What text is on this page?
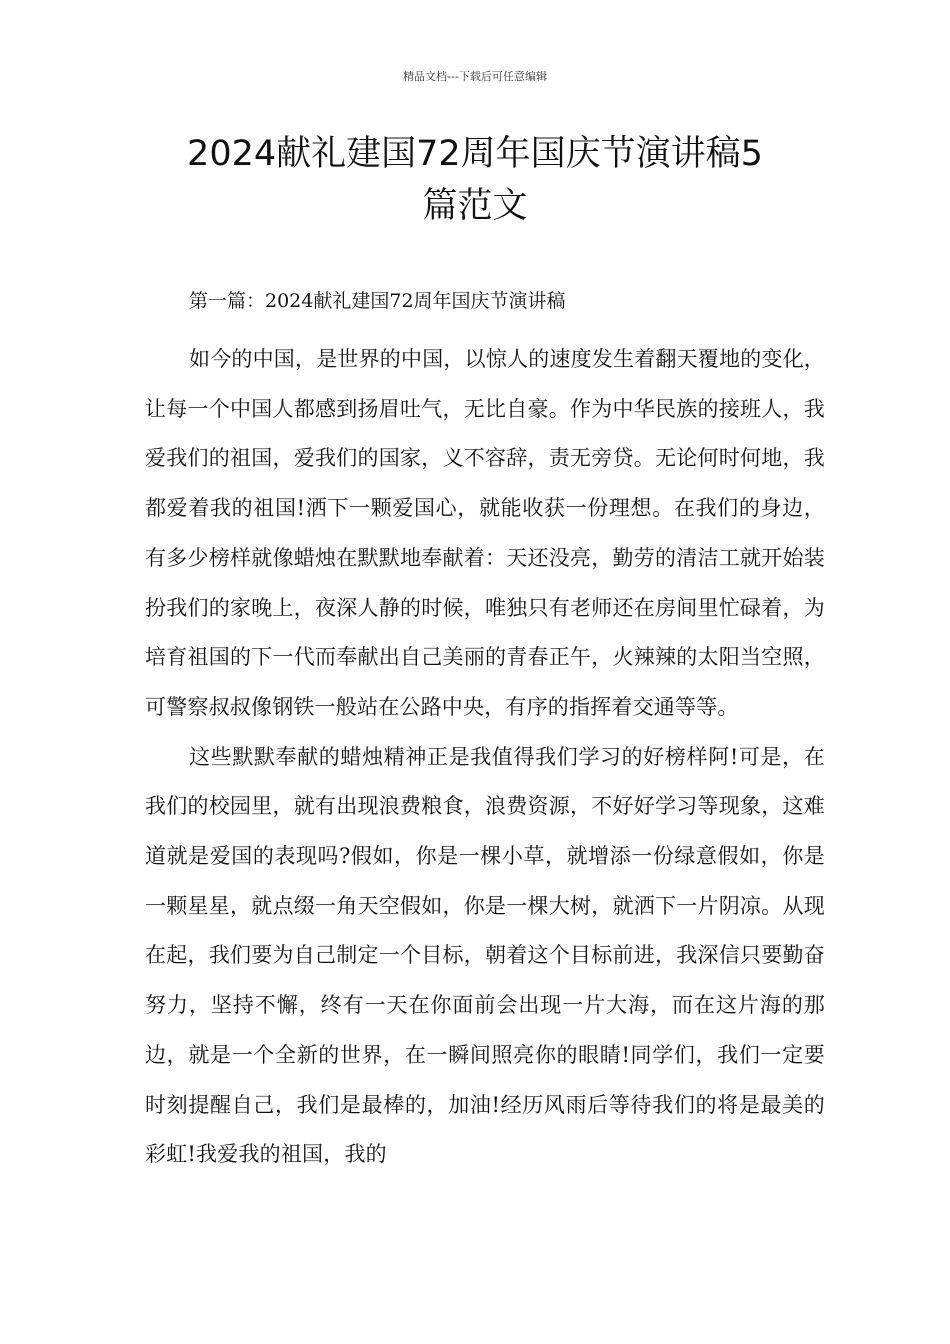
精品文档---下载后可任意编辑
2024献礼建国72周年国庆节演讲稿5
篇范文

第一篇：2024献礼建国72周年国庆节演讲稿

如今的中国，是世界的中国，以惊人的速度发生着翻天覆地的变化，让每一个中国人都感到扬眉吐气，无比自豪。作为中华民族的接班人，我爱我们的祖国，爱我们的国家，义不容辞，责无旁贷。无论何时何地，我都爱着我的祖国!洒下一颗爱国心，就能收获一份理想。在我们的身边，有多少榜样就像蜡烛在默默地奉献着：天还没亮，勤劳的清洁工就开始装扮我们的家晚上，夜深人静的时候，唯独只有老师还在房间里忙碌着，为培育祖国的下一代而奉献出自己美丽的青春正午，火辣辣的太阳当空照，可警察叔叔像钢铁一般站在公路中央，有序的指挥着交通等等。

这些默默奉献的蜡烛精神正是我值得我们学习的好榜样阿!可是，在我们的校园里，就有出现浪费粮食，浪费资源，不好好学习等现象，这难道就是爱国的表现吗?假如，你是一棵小草，就增添一份绿意假如，你是一颗星星，就点缀一角天空假如，你是一棵大树，就洒下一片阴凉。从现在起，我们要为自己制定一个目标，朝着这个目标前进，我深信只要勤奋努力，坚持不懈，终有一天在你面前会出现一片大海，而在这片海的那边，就是一个全新的世界，在一瞬间照亮你的眼睛!同学们，我们一定要时刻提醒自己，我们是最棒的，加油!经历风雨后等待我们的将是最美的彩虹!我爱我的祖国，我的
